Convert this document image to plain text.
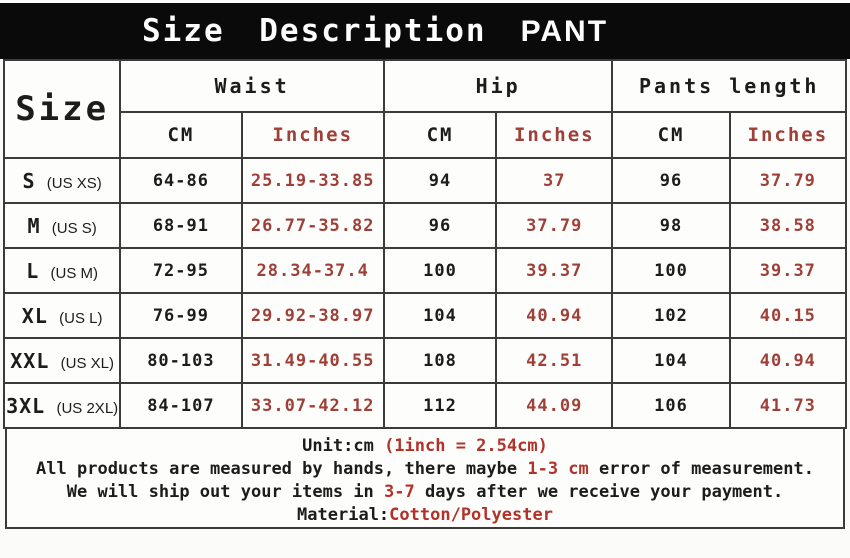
Size Description PANT
Size	Waist		Hip		Pants length	
	CM	Inches	CM	Inches	CM	Inches
S (US XS)	64-86	25.19-33.85	94	37	96	37.79
M (US S)	68-91	26.77-35.82	96	37.79	98	38.58
L (US M)	72-95	28.34-37.4	100	39.37	100	39.37
XL (US L)	76-99	29.92-38.97	104	40.94	102	40.15
XXL (US XL)	80-103	31.49-40.55	108	42.51	104	40.94
3XL (US 2XL)	84-107	33.07-42.12	112	44.09	106	41.73
Unit:cm (1inch = 2.54cm)
All products are measured by hands, there maybe 1-3 cm error of measurement.
We will ship out your items in 3-7 days after we receive your payment.
Material:Cotton/Polyester
